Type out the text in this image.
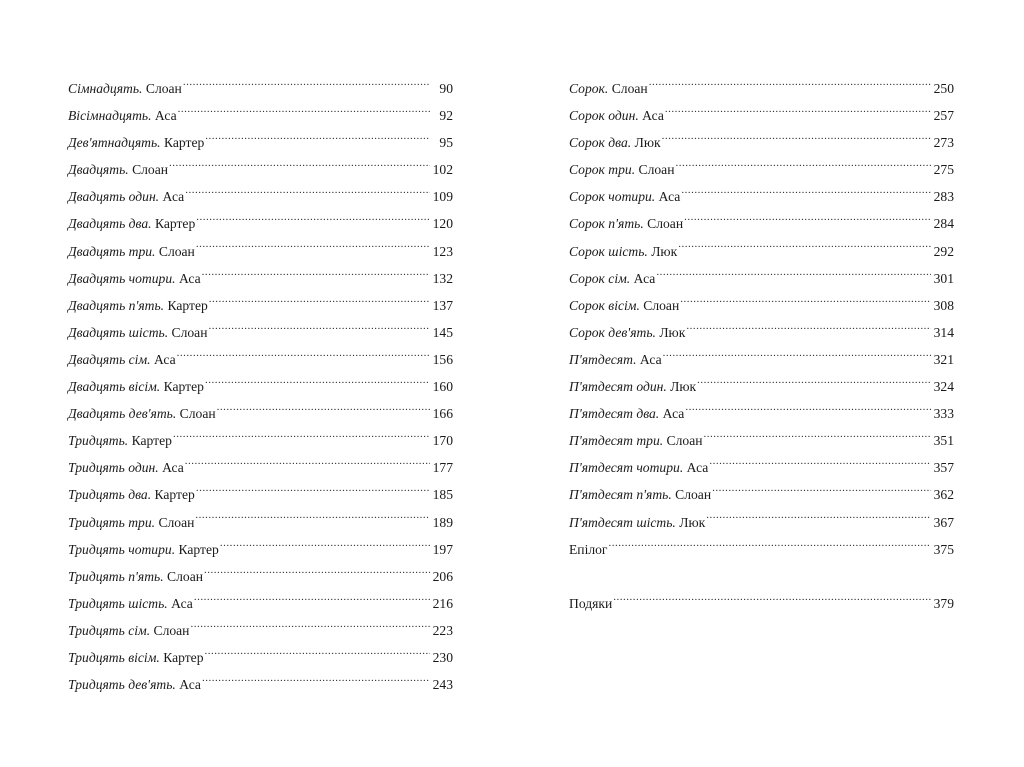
Сімнадцять. Слоан .....	90
Вісімнадцять. Аса .....	92
Дев'ятнадцять. Картер .....	95
Двадцять. Слоан .....	102
Двадцять один. Аса .....	109
Двадцять два. Картер .....	120
Двадцять три. Слоан .....	123
Двадцять чотири. Аса .....	132
Двадцять п'ять. Картер .....	137
Двадцять шість. Слоан .....	145
Двадцять сім. Аса .....	156
Двадцять вісім. Картер .....	160
Двадцять дев'ять. Слоан .....	166
Тридцять. Картер .....	170
Тридцять один. Аса .....	177
Тридцять два. Картер .....	185
Тридцять три. Слоан .....	189
Тридцять чотири. Картер .....	197
Тридцять п'ять. Слоан .....	206
Тридцять шість. Аса .....	216
Тридцять сім. Слоан .....	223
Тридцять вісім. Картер .....	230
Тридцять дев'ять. Аса .....	243
Сорок. Слоан .....	250
Сорок один. Аса .....	257
Сорок два. Люк .....	273
Сорок три. Слоан .....	275
Сорок чотири. Аса .....	283
Сорок п'ять. Слоан .....	284
Сорок шість. Люк .....	292
Сорок сім. Аса .....	301
Сорок вісім. Слоан .....	308
Сорок дев'ять. Люк .....	314
П'ятдесят. Аса .....	321
П'ятдесят один. Люк .....	324
П'ятдесят два. Аса .....	333
П'ятдесят три. Слоан .....	351
П'ятдесят чотири. Аса .....	357
П'ятдесят п'ять. Слоан .....	362
П'ятдесят шість. Люк .....	367
Епілог .....	375
Подяки .....	379
